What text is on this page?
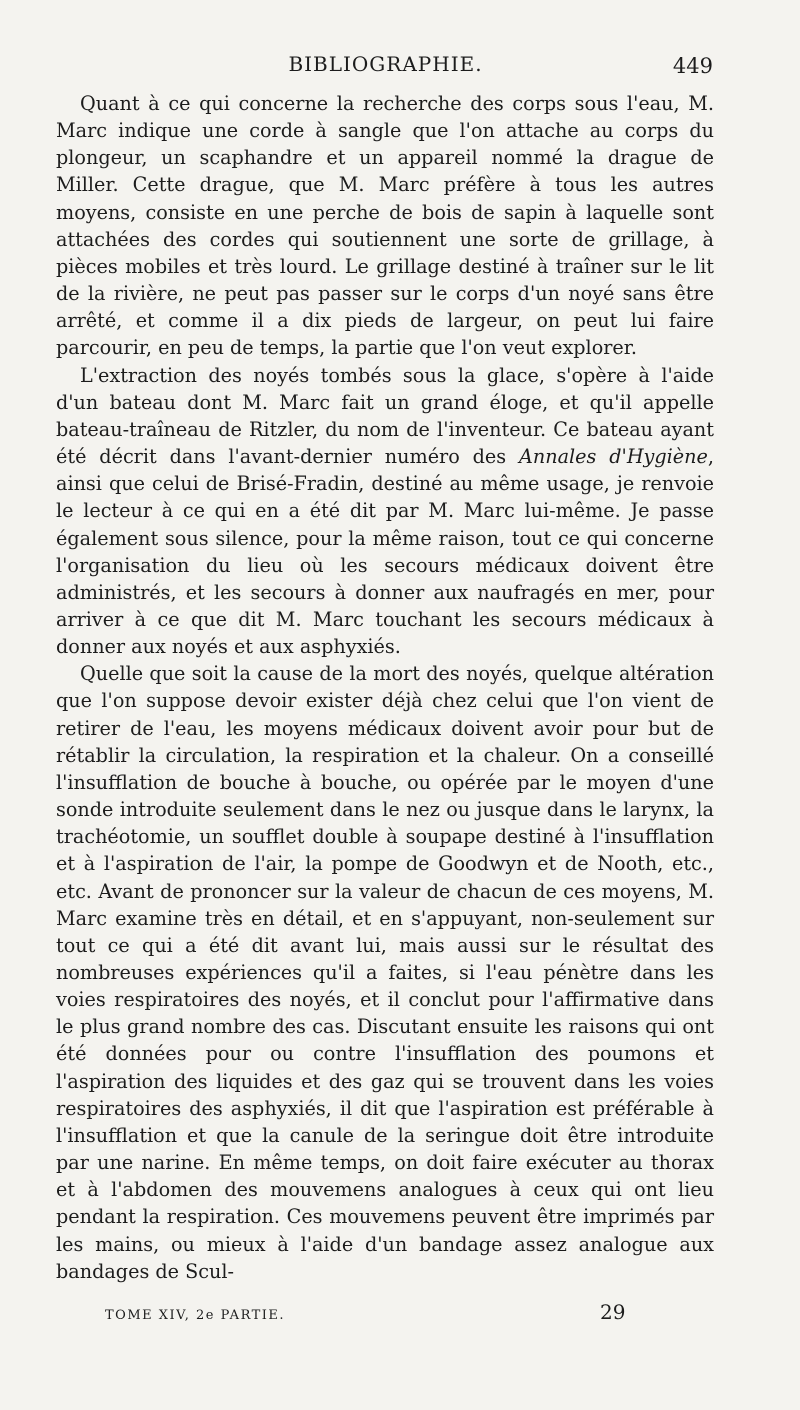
BIBLIOGRAPHIE.	449

Quant à ce qui concerne la recherche des corps sous l'eau, M. Marc indique une corde à sangle que l'on attache au corps du plongeur, un scaphandre et un appareil nommé la drague de Miller. Cette drague, que M. Marc préfère à tous les autres moyens, consiste en une perche de bois de sapin à laquelle sont attachées des cordes qui soutiennent une sorte de grillage, à pièces mobiles et très lourd. Le grillage destiné à traîner sur le lit de la rivière, ne peut pas passer sur le corps d'un noyé sans être arrêté, et comme il a dix pieds de largeur, on peut lui faire parcourir, en peu de temps, la partie que l'on veut explorer.

L'extraction des noyés tombés sous la glace, s'opère à l'aide d'un bateau dont M. Marc fait un grand éloge, et qu'il appelle bateau-traîneau de Ritzler, du nom de l'inventeur. Ce bateau ayant été décrit dans l'avant-dernier numéro des Annales d'Hygiène, ainsi que celui de Brisé-Fradin, destiné au même usage, je renvoie le lecteur à ce qui en a été dit par M. Marc lui-même. Je passe également sous silence, pour la même raison, tout ce qui concerne l'organisation du lieu où les secours médicaux doivent être administrés, et les secours à donner aux naufragés en mer, pour arriver à ce que dit M. Marc touchant les secours médicaux à donner aux noyés et aux asphyxiés.

Quelle que soit la cause de la mort des noyés, quelque altération que l'on suppose devoir exister déjà chez celui que l'on vient de retirer de l'eau, les moyens médicaux doivent avoir pour but de rétablir la circulation, la respiration et la chaleur. On a conseillé l'insufflation de bouche à bouche, ou opérée par le moyen d'une sonde introduite seulement dans le nez ou jusque dans le larynx, la trachéotomie, un soufflet double à soupape destiné à l'insufflation et à l'aspiration de l'air, la pompe de Goodwyn et de Nooth, etc., etc. Avant de prononcer sur la valeur de chacun de ces moyens, M. Marc examine très en détail, et en s'appuyant, non-seulement sur tout ce qui a été dit avant lui, mais aussi sur le résultat des nombreuses expériences qu'il a faites, si l'eau pénètre dans les voies respiratoires des noyés, et il conclut pour l'affirmative dans le plus grand nombre des cas. Discutant ensuite les raisons qui ont été données pour ou contre l'insufflation des poumons et l'aspiration des liquides et des gaz qui se trouvent dans les voies respiratoires des asphyxiés, il dit que l'aspiration est préférable à l'insufflation et que la canule de la seringue doit être introduite par une narine. En même temps, on doit faire exécuter au thorax et à l'abdomen des mouvemens analogues à ceux qui ont lieu pendant la respiration. Ces mouvemens peuvent être imprimés par les mains, ou mieux à l'aide d'un bandage assez analogue aux bandages de Scul-

TOME XIV, 2e PARTIE.	29
